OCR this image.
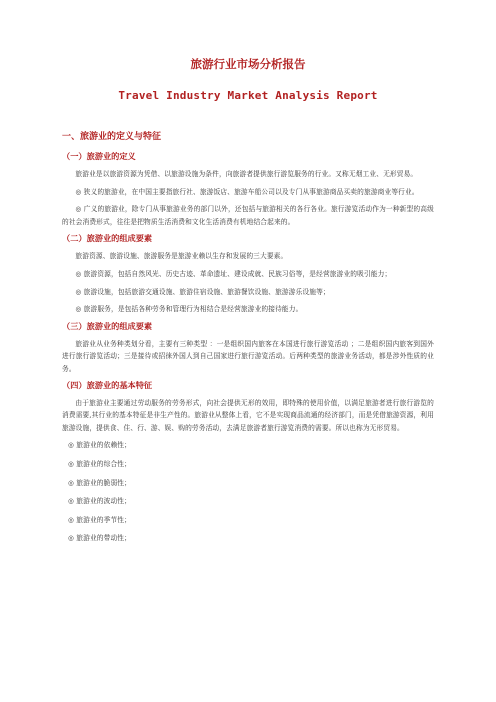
旅游行业市场分析报告
Travel Industry Market Analysis Report
一、旅游业的定义与特征
（一）旅游业的定义
旅游业是以旅游资源为凭借、以旅游设施为条件，向旅游者提供旅行游览服务的行业。又称无烟工业、无形贸易。
◎ 狭义的旅游业，在中国主要指旅行社、旅游饭店、旅游车船公司以及专门从事旅游商品买卖的旅游商业等行业。
◎ 广义的旅游业，除专门从事旅游业务的部门以外，还包括与旅游相关的各行各业。旅行游览活动作为一种新型的高级的社会消费形式，往往是把物质生活消费和文化生活消费有机地结合起来的。
（二）旅游业的组成要素
旅游资源、旅游设施、旅游服务是旅游业赖以生存和发展的三大要素。
◎ 旅游资源，包括自然风光、历史古迹、革命遗址、建设成就、民族习俗等，是经营旅游业的吸引能力；
◎ 旅游设施，包括旅游交通设施、旅游住宿设施、旅游餐饮设施、旅游游乐设施等；
◎ 旅游服务，是包括各种劳务和管理行为相结合是经营旅游业的接待能力。
（三）旅游业的组成要素
旅游业从业务种类划分看，主要有三种类型 ：一是组织国内旅客在本国进行旅行游览活动 ；二是组织国内旅客到国外进行旅行游览活动；三是接待或招徕外国人到自己国家进行旅行游览活动。后两种类型的旅游业务活动，都是涉外性质的业务。
（四）旅游业的基本特征
由于旅游业主要通过劳动服务的劳务形式，向社会提供无形的效用，即特殊的使用价值，以满足旅游者进行旅行游览的消费需要,其行业的基本特征是非生产性的。旅游业从整体上看，它不是实现商品流通的经济部门，而是凭借旅游资源，利用旅游设施，提供食、住、行、游、娱、购的劳务活动，去满足旅游者旅行游览消费的需要。所以也称为无形贸易。
◎ 旅游业的依赖性；
◎ 旅游业的综合性；
◎ 旅游业的脆弱性；
◎ 旅游业的波动性；
◎ 旅游业的季节性；
◎ 旅游业的带动性；
